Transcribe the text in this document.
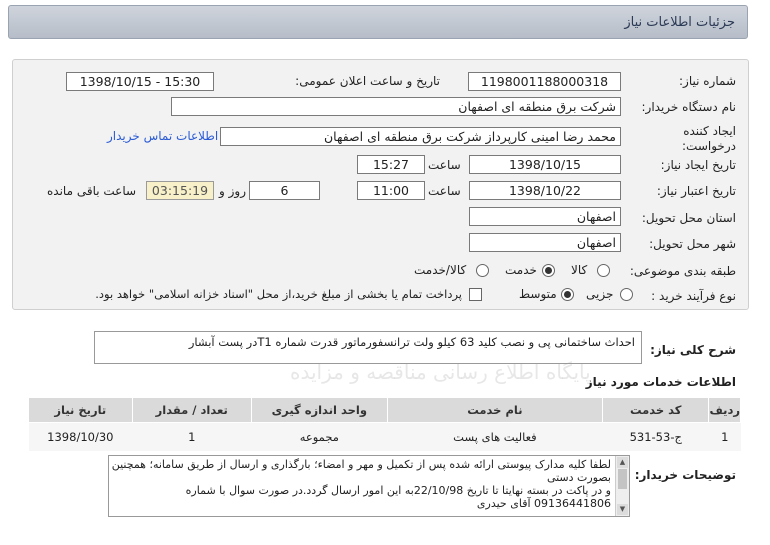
جزئیات اطلاعات نیاز
شماره نیاز:
1198001188000318
تاریخ و ساعت اعلان عمومی:
1398/10/15 - 15:30
نام دستگاه خریدار:
شرکت برق منطقه ای اصفهان
ایجاد کننده درخواست:
محمد رضا امینی کارپرداز شرکت برق منطقه ای اصفهان
اطلاعات تماس خریدار
تاریخ ایجاد نیاز:
1398/10/15
ساعت
15:27
تاریخ اعتبار نیاز:
1398/10/22
ساعت
11:00
6
روز و
03:15:19
ساعت باقی مانده
استان محل تحویل:
اصفهان
شهر محل تحویل:
اصفهان
طبقه بندی موضوعی:
کالا
خدمت
کالا/خدمت
نوع فرآیند خرید :
جزیی
متوسط
پرداخت تمام یا بخشی از مبلغ خرید،از محل "اسناد خزانه اسلامی" خواهد بود.
شرح کلی نیاز:
احداث ساختمانی پی و نصب کلید 63 کیلو ولت ترانسفورماتور قدرت شماره T1در پست آبشار
پایگاه اطلاع رسانی مناقصه و مزایده
اطلاعات خدمات مورد نیاز
ردیف	کد خدمت	نام خدمت	واحد اندازه گیری	تعداد / مقدار	تاریخ نیاز
1	ج-53-531	فعالیت های پست	مجموعه	1	1398/10/30
توضیحات خریدار:
لطفا کلیه مدارک پیوستی ارائه شده پس از تکمیل و مهر و امضاء؛ بارگذاری و ارسال از طریق سامانه؛ همچنین بصورت دستی
و در پاکت در بسته نهایتا تا تاریخ 22/10/98به این امور ارسال گردد.در صورت سوال با شماره 09136441806 آقای حیدری
▲
▼
